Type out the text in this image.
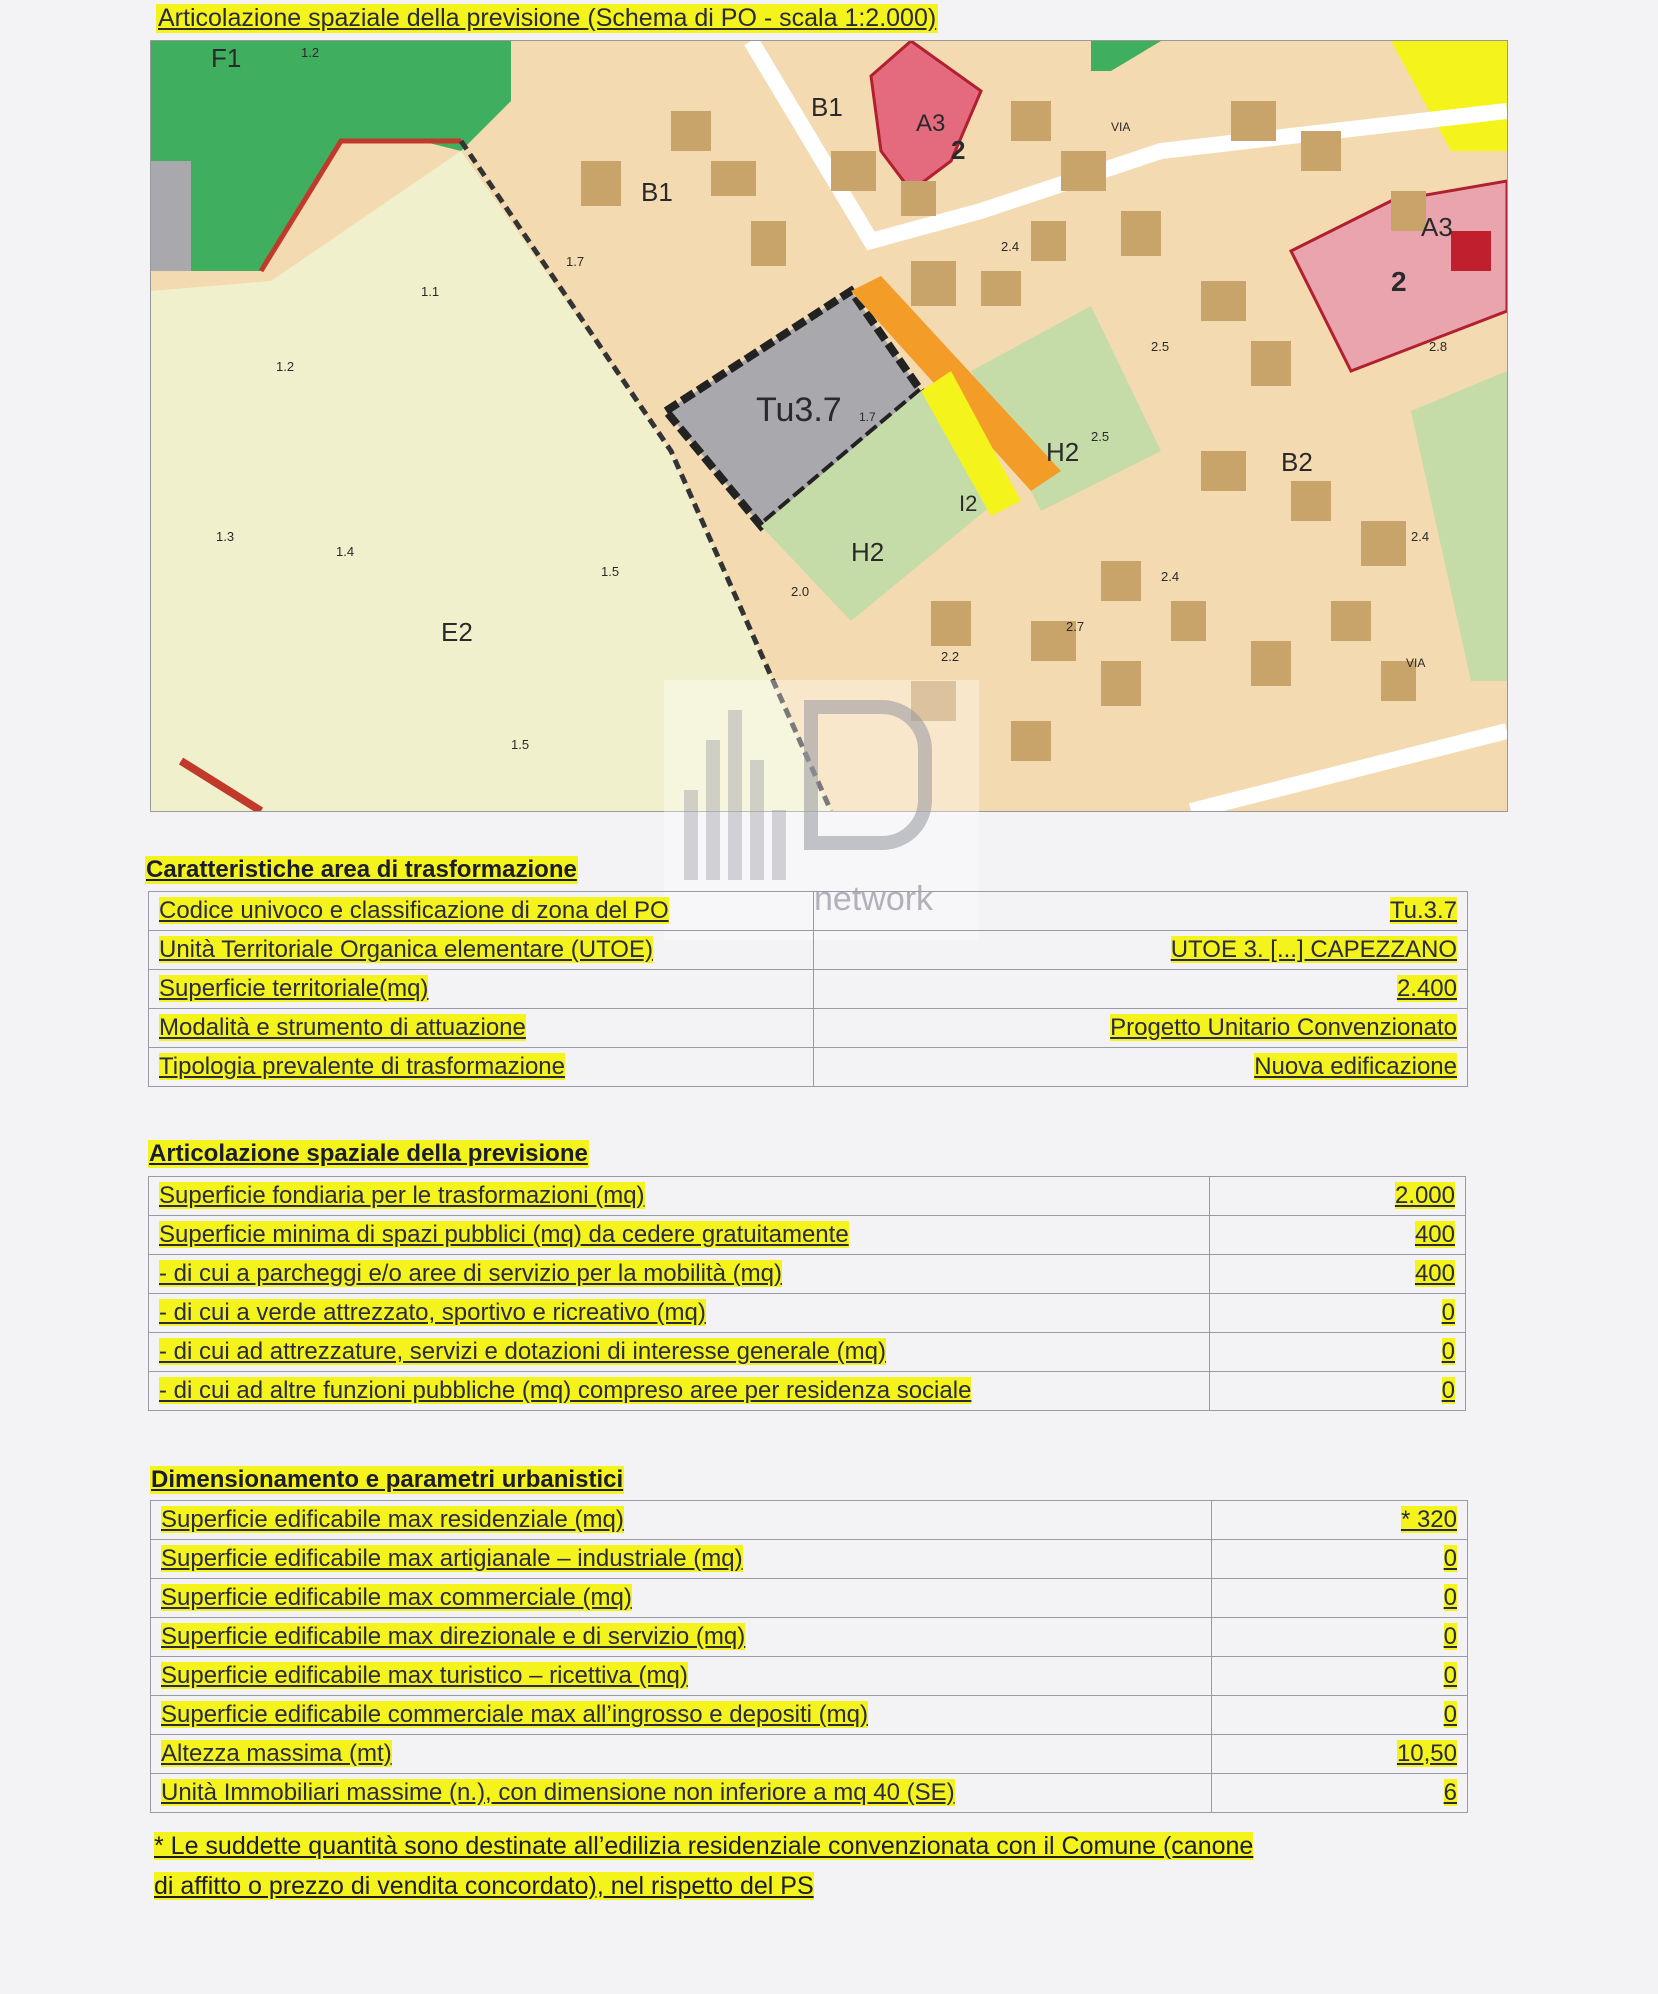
Articolazione spaziale della previsione (Schema di PO - scala 1:2.000)
F1
B1
B1
A3
2
A3
2
Tu3.7
H2
H2
I2
B2
E2
VIA
VIA
1.2
1.1
1.2
1.3
1.4
1.5
1.5
1.7
2.0
2.2
2.4
2.5
2.5
2.4
2.4
2.7
2.8
1.7
network
Caratteristiche area di trasformazione
Codice univoco e classificazione di zona del PO	Tu.3.7
Unità Territoriale Organica elementare (UTOE)	UTOE 3. [...] CAPEZZANO
Superficie territoriale(mq)	2.400
Modalità e strumento di attuazione	Progetto Unitario Convenzionato
Tipologia prevalente di trasformazione	Nuova edificazione
Articolazione spaziale della previsione
Superficie fondiaria per le trasformazioni (mq)	2.000
Superficie minima di spazi pubblici (mq) da cedere gratuitamente	400
- di cui a parcheggi e/o aree di servizio per la mobilità (mq)	400
- di cui a verde attrezzato, sportivo e ricreativo (mq)	0
- di cui ad attrezzature, servizi e dotazioni di interesse generale (mq)	0
- di cui ad altre funzioni pubbliche (mq) compreso aree per residenza sociale	0
Dimensionamento e parametri urbanistici
Superficie edificabile max residenziale (mq)	* 320
Superficie edificabile max artigianale – industriale (mq)	0
Superficie edificabile max commerciale (mq)	0
Superficie edificabile max direzionale e di servizio (mq)	0
Superficie edificabile max turistico – ricettiva (mq)	0
Superficie edificabile commerciale max all’ingrosso e depositi (mq)	0
Altezza massima (mt)	10,50
Unità Immobiliari massime (n.), con dimensione non inferiore a mq 40 (SE)	6
* Le suddette quantità sono destinate all’edilizia residenziale convenzionata con il Comune (canone
di affitto o prezzo di vendita concordato), nel rispetto del PS
